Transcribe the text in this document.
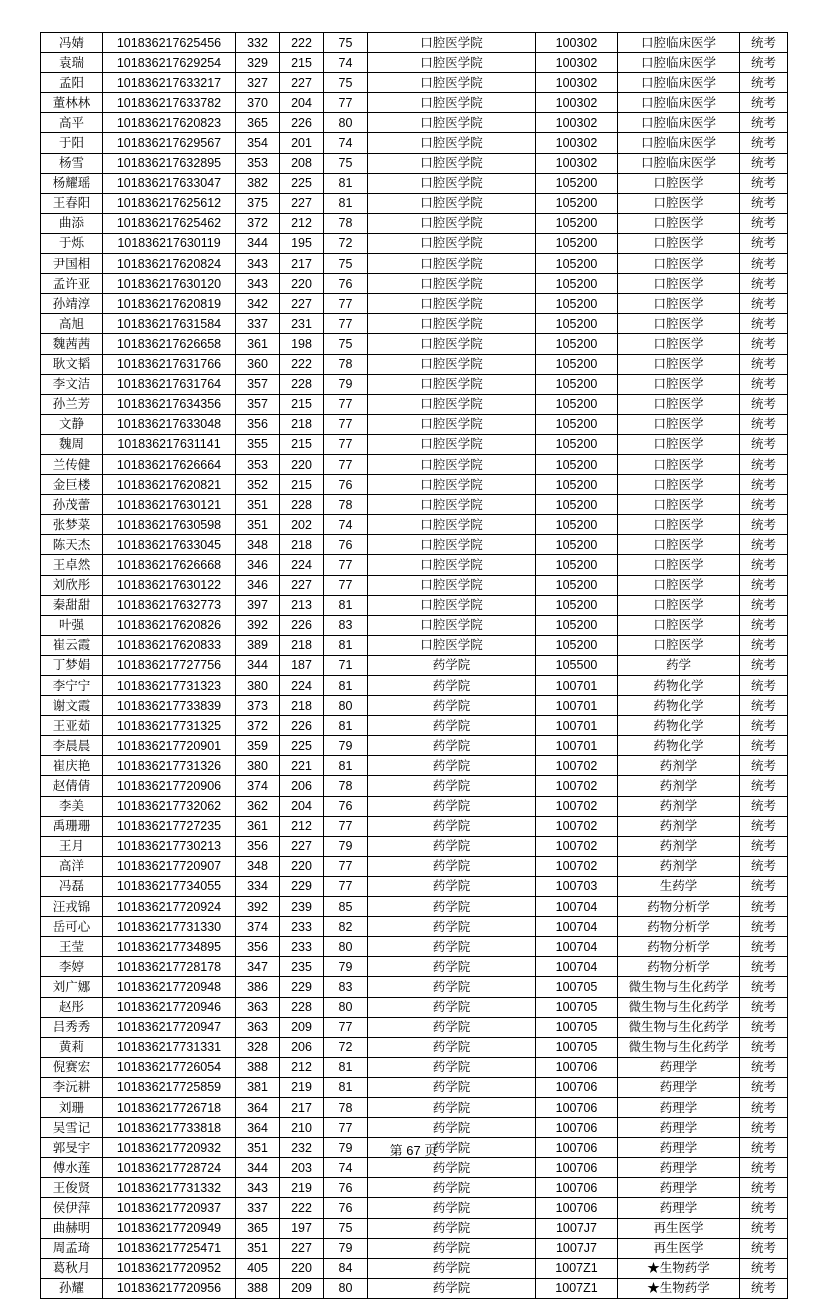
冯婧	101836217625456	332	222	75	口腔医学院	100302	口腔临床医学	统考
袁瑞	101836217629254	329	215	74	口腔医学院	100302	口腔临床医学	统考
孟阳	101836217633217	327	227	75	口腔医学院	100302	口腔临床医学	统考
董林林	101836217633782	370	204	77	口腔医学院	100302	口腔临床医学	统考
高平	101836217620823	365	226	80	口腔医学院	100302	口腔临床医学	统考
于阳	101836217629567	354	201	74	口腔医学院	100302	口腔临床医学	统考
杨雪	101836217632895	353	208	75	口腔医学院	100302	口腔临床医学	统考
杨耀瑶	101836217633047	382	225	81	口腔医学院	105200	口腔医学	统考
王春阳	101836217625612	375	227	81	口腔医学院	105200	口腔医学	统考
曲添	101836217625462	372	212	78	口腔医学院	105200	口腔医学	统考
于烁	101836217630119	344	195	72	口腔医学院	105200	口腔医学	统考
尹国相	101836217620824	343	217	75	口腔医学院	105200	口腔医学	统考
孟许亚	101836217630120	343	220	76	口腔医学院	105200	口腔医学	统考
孙靖淳	101836217620819	342	227	77	口腔医学院	105200	口腔医学	统考
高旭	101836217631584	337	231	77	口腔医学院	105200	口腔医学	统考
魏茜茜	101836217626658	361	198	75	口腔医学院	105200	口腔医学	统考
耿文韬	101836217631766	360	222	78	口腔医学院	105200	口腔医学	统考
李文洁	101836217631764	357	228	79	口腔医学院	105200	口腔医学	统考
孙兰芳	101836217634356	357	215	77	口腔医学院	105200	口腔医学	统考
文静	101836217633048	356	218	77	口腔医学院	105200	口腔医学	统考
魏周	101836217631141	355	215	77	口腔医学院	105200	口腔医学	统考
兰传健	101836217626664	353	220	77	口腔医学院	105200	口腔医学	统考
金巨楼	101836217620821	352	215	76	口腔医学院	105200	口腔医学	统考
孙茂蕾	101836217630121	351	228	78	口腔医学院	105200	口腔医学	统考
张梦菜	101836217630598	351	202	74	口腔医学院	105200	口腔医学	统考
陈天杰	101836217633045	348	218	76	口腔医学院	105200	口腔医学	统考
王卓然	101836217626668	346	224	77	口腔医学院	105200	口腔医学	统考
刘欣彤	101836217630122	346	227	77	口腔医学院	105200	口腔医学	统考
秦甜甜	101836217632773	397	213	81	口腔医学院	105200	口腔医学	统考
叶强	101836217620826	392	226	83	口腔医学院	105200	口腔医学	统考
崔云霞	101836217620833	389	218	81	口腔医学院	105200	口腔医学	统考
丁梦娟	101836217727756	344	187	71	药学院	105500	药学	统考
李宁宁	101836217731323	380	224	81	药学院	100701	药物化学	统考
谢文霞	101836217733839	373	218	80	药学院	100701	药物化学	统考
王亚茹	101836217731325	372	226	81	药学院	100701	药物化学	统考
李晨晨	101836217720901	359	225	79	药学院	100701	药物化学	统考
崔庆艳	101836217731326	380	221	81	药学院	100702	药剂学	统考
赵倩倩	101836217720906	374	206	78	药学院	100702	药剂学	统考
李美	101836217732062	362	204	76	药学院	100702	药剂学	统考
禹珊珊	101836217727235	361	212	77	药学院	100702	药剂学	统考
王月	101836217730213	356	227	79	药学院	100702	药剂学	统考
高洋	101836217720907	348	220	77	药学院	100702	药剂学	统考
冯磊	101836217734055	334	229	77	药学院	100703	生药学	统考
汪戎锦	101836217720924	392	239	85	药学院	100704	药物分析学	统考
岳可心	101836217731330	374	233	82	药学院	100704	药物分析学	统考
王莹	101836217734895	356	233	80	药学院	100704	药物分析学	统考
李婷	101836217728178	347	235	79	药学院	100704	药物分析学	统考
刘广娜	101836217720948	386	229	83	药学院	100705	微生物与生化药学	统考
赵彤	101836217720946	363	228	80	药学院	100705	微生物与生化药学	统考
吕秀秀	101836217720947	363	209	77	药学院	100705	微生物与生化药学	统考
黄莉	101836217731331	328	206	72	药学院	100705	微生物与生化药学	统考
倪赛宏	101836217726054	388	212	81	药学院	100706	药理学	统考
李沅耕	101836217725859	381	219	81	药学院	100706	药理学	统考
刘珊	101836217726718	364	217	78	药学院	100706	药理学	统考
吴雪记	101836217733818	364	210	77	药学院	100706	药理学	统考
郭旻宇	101836217720932	351	232	79	药学院	100706	药理学	统考
傅水莲	101836217728724	344	203	74	药学院	100706	药理学	统考
王俊贤	101836217731332	343	219	76	药学院	100706	药理学	统考
侯伊萍	101836217720937	337	222	76	药学院	100706	药理学	统考
曲赫明	101836217720949	365	197	75	药学院	1007J7	再生医学	统考
周孟琦	101836217725471	351	227	79	药学院	1007J7	再生医学	统考
葛秋月	101836217720952	405	220	84	药学院	1007Z1	★生物药学	统考
孙耀	101836217720956	388	209	80	药学院	1007Z1	★生物药学	统考
第 67 页
